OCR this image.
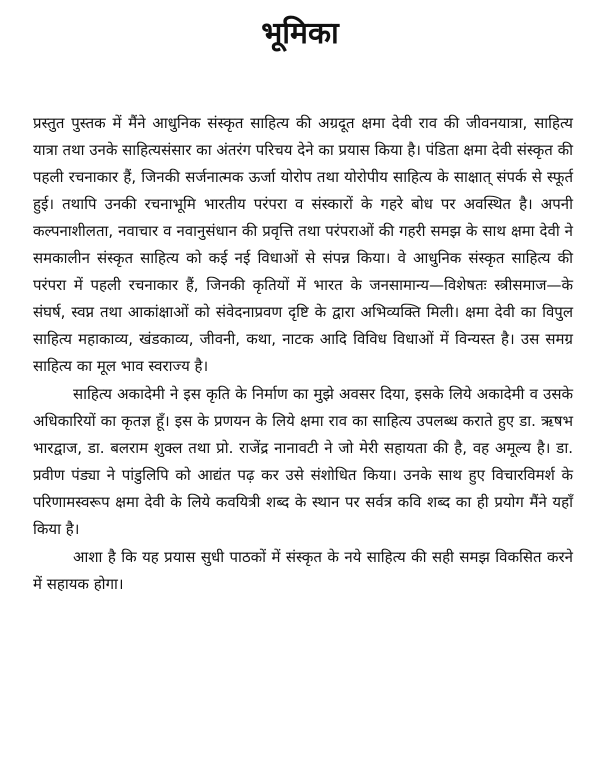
भूमिका

प्रस्तुत पुस्तक में मैंने आधुनिक संस्कृत साहित्य की अग्रदूत क्षमा देवी राव की जीवनयात्रा, साहित्य यात्रा तथा उनके साहित्यसंसार का अंतरंग परिचय देने का प्रयास किया है। पंडिता क्षमा देवी संस्कृत की पहली रचनाकार हैं, जिनकी सर्जनात्मक ऊर्जा योरोप तथा योरोपीय साहित्य के साक्षात् संपर्क से स्फूर्त हुई। तथापि उनकी रचनाभूमि भारतीय परंपरा व संस्कारों के गहरे बोध पर अवस्थित है। अपनी कल्पनाशीलता, नवाचार व नवानुसंधान की प्रवृत्ति तथा परंपराओं की गहरी समझ के साथ क्षमा देवी ने समकालीन संस्कृत साहित्य को कई नई विधाओं से संपन्न किया। वे आधुनिक संस्कृत साहित्य की परंपरा में पहली रचनाकार हैं, जिनकी कृतियों में भारत के जनसामान्य—विशेषतः स्त्रीसमाज—के संघर्ष, स्वप्न तथा आकांक्षाओं को संवेदनाप्रवण दृष्टि के द्वारा अभिव्यक्ति मिली। क्षमा देवी का विपुल साहित्य महाकाव्य, खंडकाव्य, जीवनी, कथा, नाटक आदि विविध विधाओं में विन्यस्त है। उस समग्र साहित्य का मूल भाव स्वराज्य है।

साहित्य अकादेमी ने इस कृति के निर्माण का मुझे अवसर दिया, इसके लिये अकादेमी व उसके अधिकारियों का कृतज्ञ हूँ। इस के प्रणयन के लिये क्षमा राव का साहित्य उपलब्ध कराते हुए डा. ऋषभ भारद्वाज, डा. बलराम शुक्ल तथा प्रो. राजेंद्र नानावटी ने जो मेरी सहायता की है, वह अमूल्य है। डा. प्रवीण पंड्या ने पांडुलिपि को आद्यंत पढ़ कर उसे संशोधित किया। उनके साथ हुए विचारविमर्श के परिणामस्वरूप क्षमा देवी के लिये कवयित्री शब्द के स्थान पर सर्वत्र कवि शब्द का ही प्रयोग मैंने यहाँ किया है।

आशा है कि यह प्रयास सुधी पाठकों में संस्कृत के नये साहित्य की सही समझ विकसित करने में सहायक होगा।
